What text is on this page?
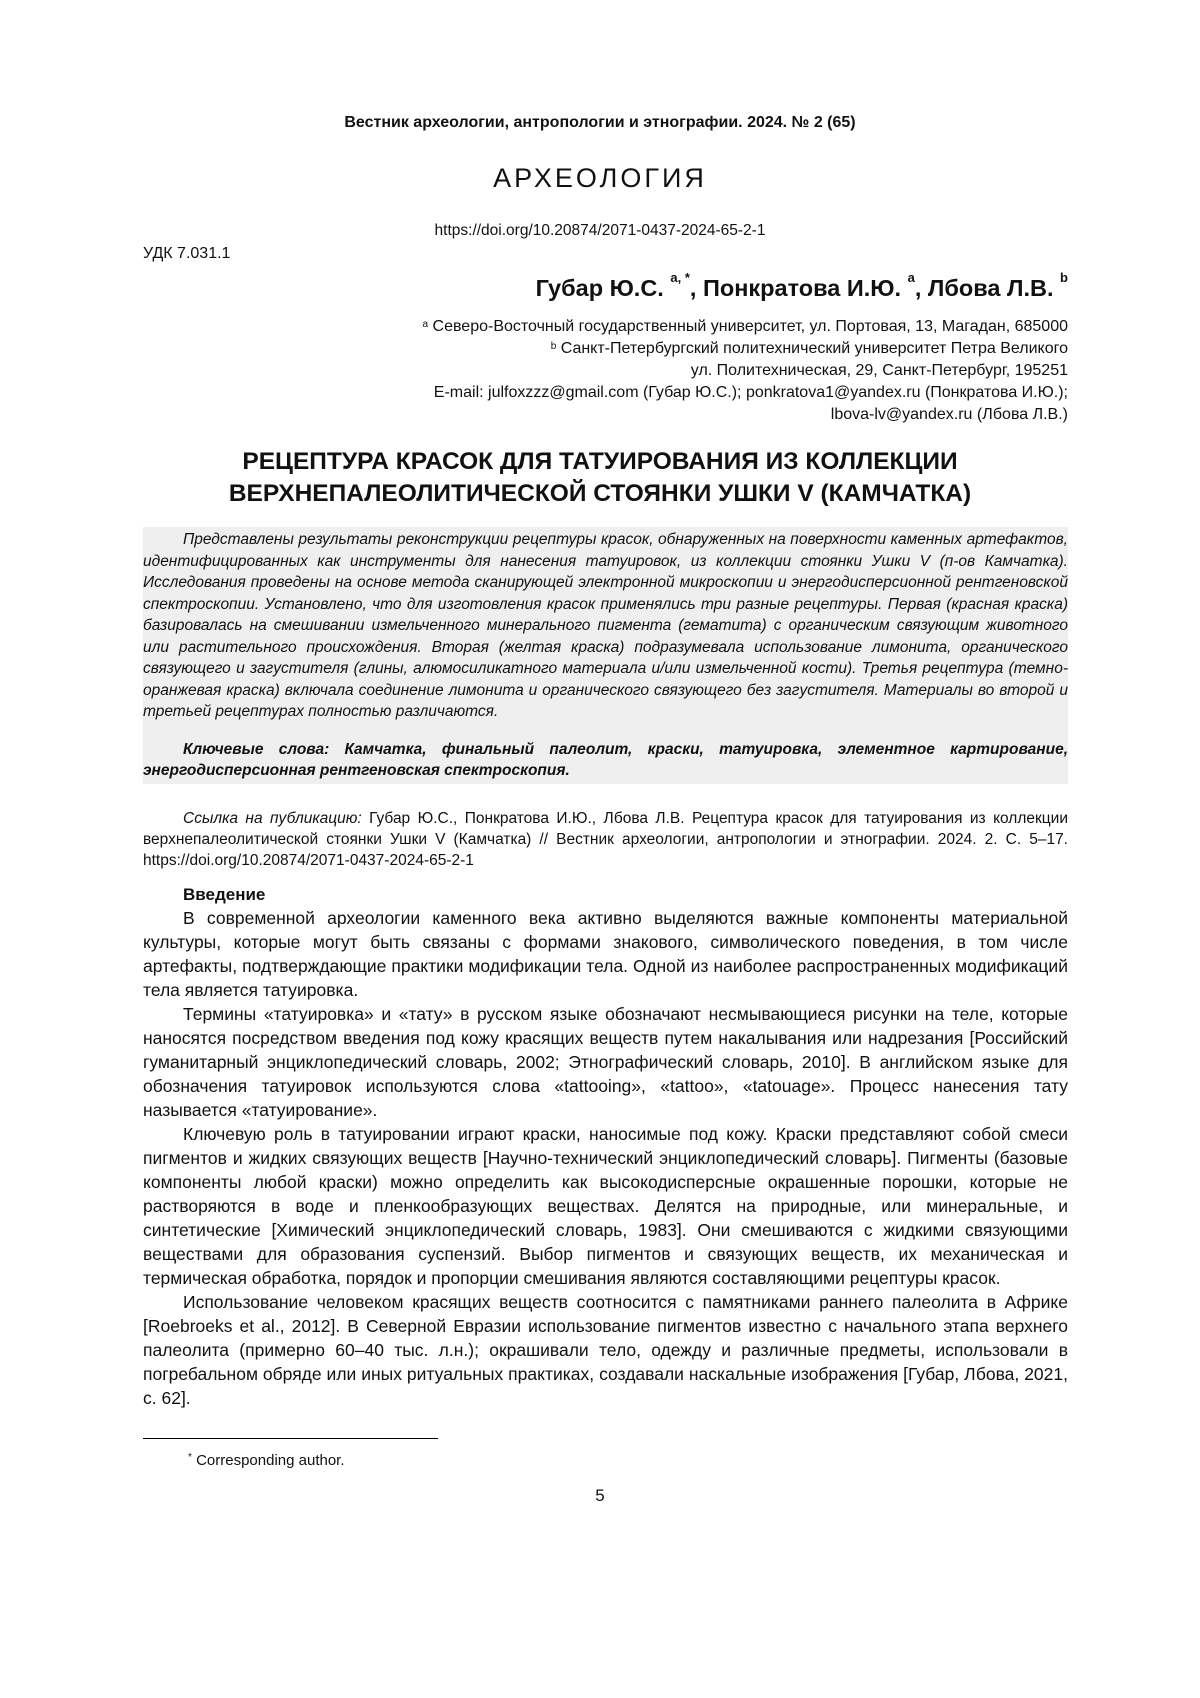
Вестник археологии, антропологии и этнографии. 2024. № 2 (65)
АРХЕОЛОГИЯ
https://doi.org/10.20874/2071-0437-2024-65-2-1
УДК 7.031.1
Губар Ю.С. $^{a, *}$, Понкратова И.Ю. $^a$, Лбова Л.В. $^b$
$^a$ Северо-Восточный государственный университет, ул. Портовая, 13, Магадан, 685000
$^b$ Санкт-Петербургский политехнический университет Петра Великого
ул. Политехническая, 29, Санкт-Петербург, 195251
E-mail: julfoxzzz@gmail.com (Губар Ю.С.); ponkratova1@yandex.ru (Понкратова И.Ю.);
lbova-lv@yandex.ru (Лбова Л.В.)
РЕЦЕПТУРА КРАСОК ДЛЯ ТАТУИРОВАНИЯ ИЗ КОЛЛЕКЦИИ
ВЕРХНЕПАЛЕОЛИТИЧЕСКОЙ СТОЯНКИ УШКИ V (КАМЧАТКА)

Представлены результаты реконструкции рецептуры красок, обнаруженных на поверхности каменных артефактов, идентифицированных как инструменты для нанесения татуировок, из коллекции стоянки Ушки V (п-ов Камчатка). Исследования проведены на основе метода сканирующей электронной микроскопии и энергодисперсионной рентгеновской спектроскопии. Установлено, что для изготовления красок применялись три разные рецептуры. Первая (красная краска) базировалась на смешивании измельченного минерального пигмента (гематита) с органическим связующим животного или растительного происхождения. Вторая (желтая краска) подразумевала использование лимонита, органического связующего и загустителя (глины, алюмосиликатного материала и/или измельченной кости). Третья рецептура (темно-оранжевая краска) включала соединение лимонита и органического связующего без загустителя. Материалы во второй и третьей рецептурах полностью различаются.

Ключевые слова: Камчатка, финальный палеолит, краски, татуировка, элементное картирование, энергодисперсионная рентгеновская спектроскопия.

Ссылка на публикацию: Губар Ю.С., Понкратова И.Ю., Лбова Л.В. Рецептура красок для татуирования из коллекции верхнепалеолитической стоянки Ушки V (Камчатка) // Вестник археологии, антропологии и этнографии. 2024. 2. С. 5–17. https://doi.org/10.20874/2071-0437-2024-65-2-1
Введение

В современной археологии каменного века активно выделяются важные компоненты материальной культуры, которые могут быть связаны с формами знакового, символического поведения, в том числе артефакты, подтверждающие практики модификации тела. Одной из наиболее распространенных модификаций тела является татуировка.

Термины «татуировка» и «тату» в русском языке обозначают несмывающиеся рисунки на теле, которые наносятся посредством введения под кожу красящих веществ путем накалывания или надрезания [Российский гуманитарный энциклопедический словарь, 2002; Этнографический словарь, 2010]. В английском языке для обозначения татуировок используются слова «tattooing», «tattoo», «tatouage». Процесс нанесения тату называется «татуирование».

Ключевую роль в татуировании играют краски, наносимые под кожу. Краски представляют собой смеси пигментов и жидких связующих веществ [Научно-технический энциклопедический словарь]. Пигменты (базовые компоненты любой краски) можно определить как высокодисперсные окрашенные порошки, которые не растворяются в воде и пленкообразующих веществах. Делятся на природные, или минеральные, и синтетические [Химический энциклопедический словарь, 1983]. Они смешиваются с жидкими связующими веществами для образования суспензий. Выбор пигментов и связующих веществ, их механическая и термическая обработка, порядок и пропорции смешивания являются составляющими рецептуры красок.

Использование человеком красящих веществ соотносится с памятниками раннего палеолита в Африке [Roebroeks et al., 2012]. В Северной Евразии использование пигментов известно с начального этапа верхнего палеолита (примерно 60–40 тыс. л.н.); окрашивали тело, одежду и различные предметы, использовали в погребальном обряде или иных ритуальных практиках, создавали наскальные изображения [Губар, Лбова, 2021, с. 62].

* Corresponding author.
5
